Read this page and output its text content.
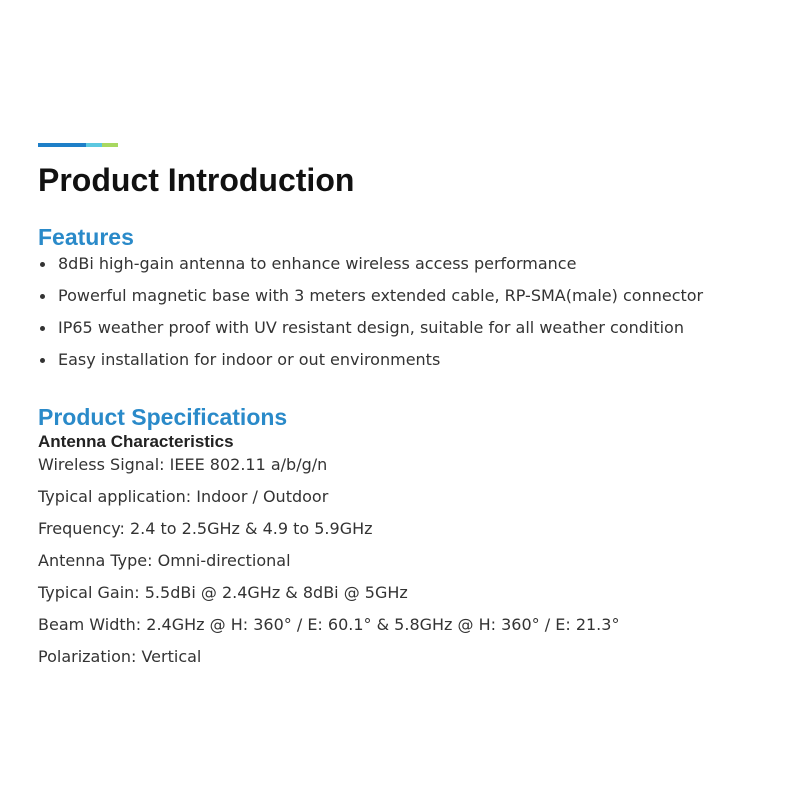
Product Introduction
Features
8dBi high-gain antenna to enhance wireless access performance
Powerful magnetic base with 3 meters extended cable, RP-SMA(male) connector
IP65 weather proof with UV resistant design, suitable for all weather condition
Easy installation for indoor or out environments
Product Specifications
Antenna Characteristics
Wireless Signal: IEEE 802.11 a/b/g/n
Typical application: Indoor / Outdoor
Frequency: 2.4 to 2.5GHz & 4.9 to 5.9GHz
Antenna Type: Omni-directional
Typical Gain: 5.5dBi @ 2.4GHz & 8dBi @ 5GHz
Beam Width: 2.4GHz @ H: 360° / E: 60.1° & 5.8GHz @ H: 360° / E: 21.3°
Polarization: Vertical
